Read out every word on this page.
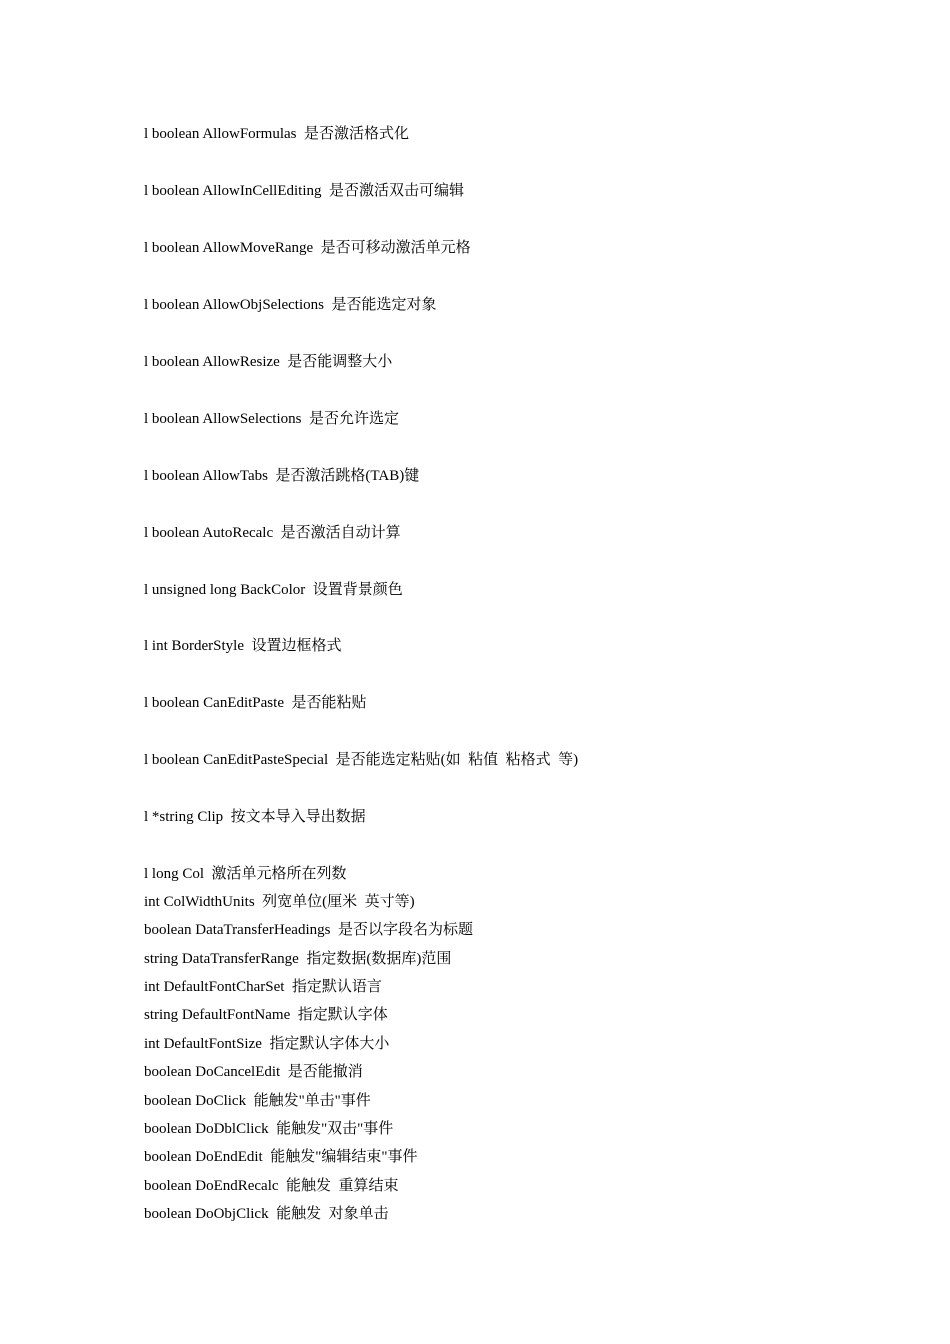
l boolean AllowFormulas  是否激活格式化
l boolean AllowInCellEditing  是否激活双击可编辑
l boolean AllowMoveRange  是否可移动激活单元格
l boolean AllowObjSelections  是否能选定对象
l boolean AllowResize  是否能调整大小
l boolean AllowSelections  是否允许选定
l boolean AllowTabs  是否激活跳格(TAB)键
l boolean AutoRecalc  是否激活自动计算
l unsigned long BackColor  设置背景颜色
l int BorderStyle  设置边框格式
l boolean CanEditPaste  是否能粘贴
l boolean CanEditPasteSpecial  是否能选定粘贴(如  粘值  粘格式  等)
l *string Clip  按文本导入导出数据
l long Col  激活单元格所在列数
int ColWidthUnits  列宽单位(厘米  英寸等)
boolean DataTransferHeadings  是否以字段名为标题
string DataTransferRange  指定数据(数据库)范围
int DefaultFontCharSet  指定默认语言
string DefaultFontName  指定默认字体
int DefaultFontSize  指定默认字体大小
boolean DoCancelEdit  是否能撤消
boolean DoClick  能触发"单击"事件
boolean DoDblClick  能触发"双击"事件
boolean DoEndEdit  能触发"编辑结束"事件
boolean DoEndRecalc  能触发  重算结束
boolean DoObjClick  能触发  对象单击
